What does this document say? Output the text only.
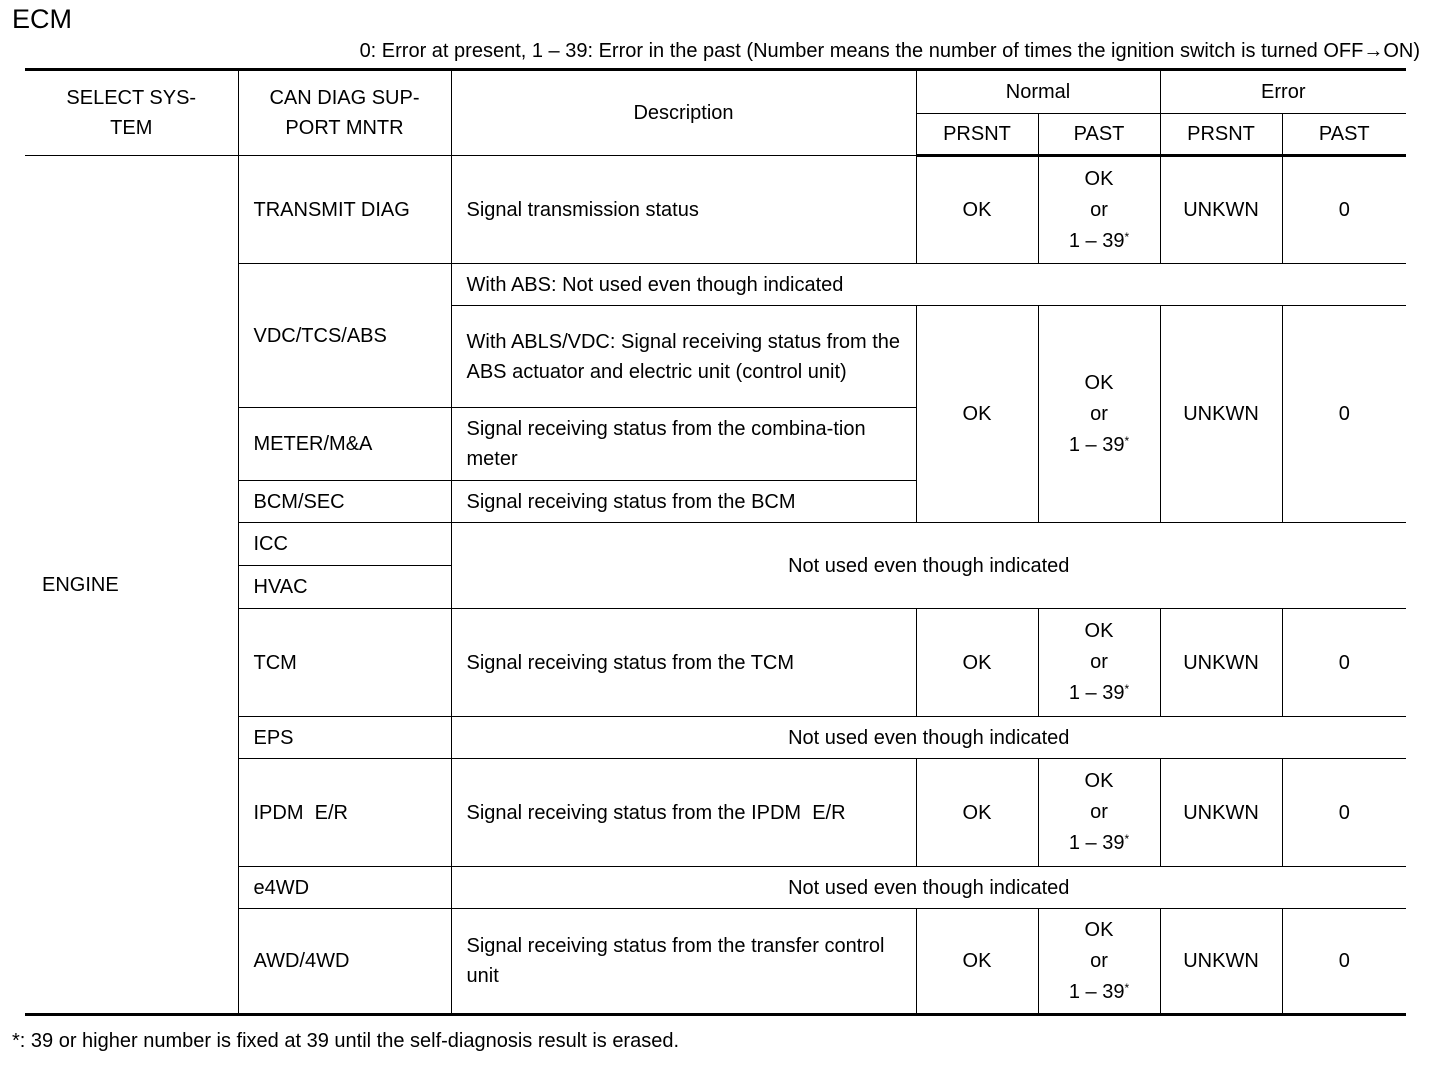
ECM
0: Error at present, 1 – 39: Error in the past (Number means the number of times the ignition switch is turned OFF→ON)
SELECT SYS-
TEM	CAN DIAG SUP-
PORT MNTR	Description	Normal		Error	
			PRSNT	PAST	PRSNT	PAST
ENGINE	TRANSMIT DIAG	Signal transmission status	OK	OK
or
1 – 39*	UNKWN	0
	VDC/TCS/ABS	With ABS: Not used even though indicated				
		With ABLS/VDC: Signal receiving status from the ABS actuator and electric unit (control unit)	OK	OK
or
1 – 39*	UNKWN	0
	METER/M&A	Signal receiving status from the combina-tion meter				
	BCM/SEC	Signal receiving status from the BCM				
	ICC	Not used even though indicated				
	HVAC					
	TCM	Signal receiving status from the TCM	OK	OK
or
1 – 39*	UNKWN	0
	EPS	Not used even though indicated				
	IPDM  E/R	Signal receiving status from the IPDM  E/R	OK	OK
or
1 – 39*	UNKWN	0
	e4WD	Not used even though indicated				
	AWD/4WD	Signal receiving status from the transfer control unit	OK	OK
or
1 – 39*	UNKWN	0
*: 39 or higher number is fixed at 39 until the self-diagnosis result is erased.
